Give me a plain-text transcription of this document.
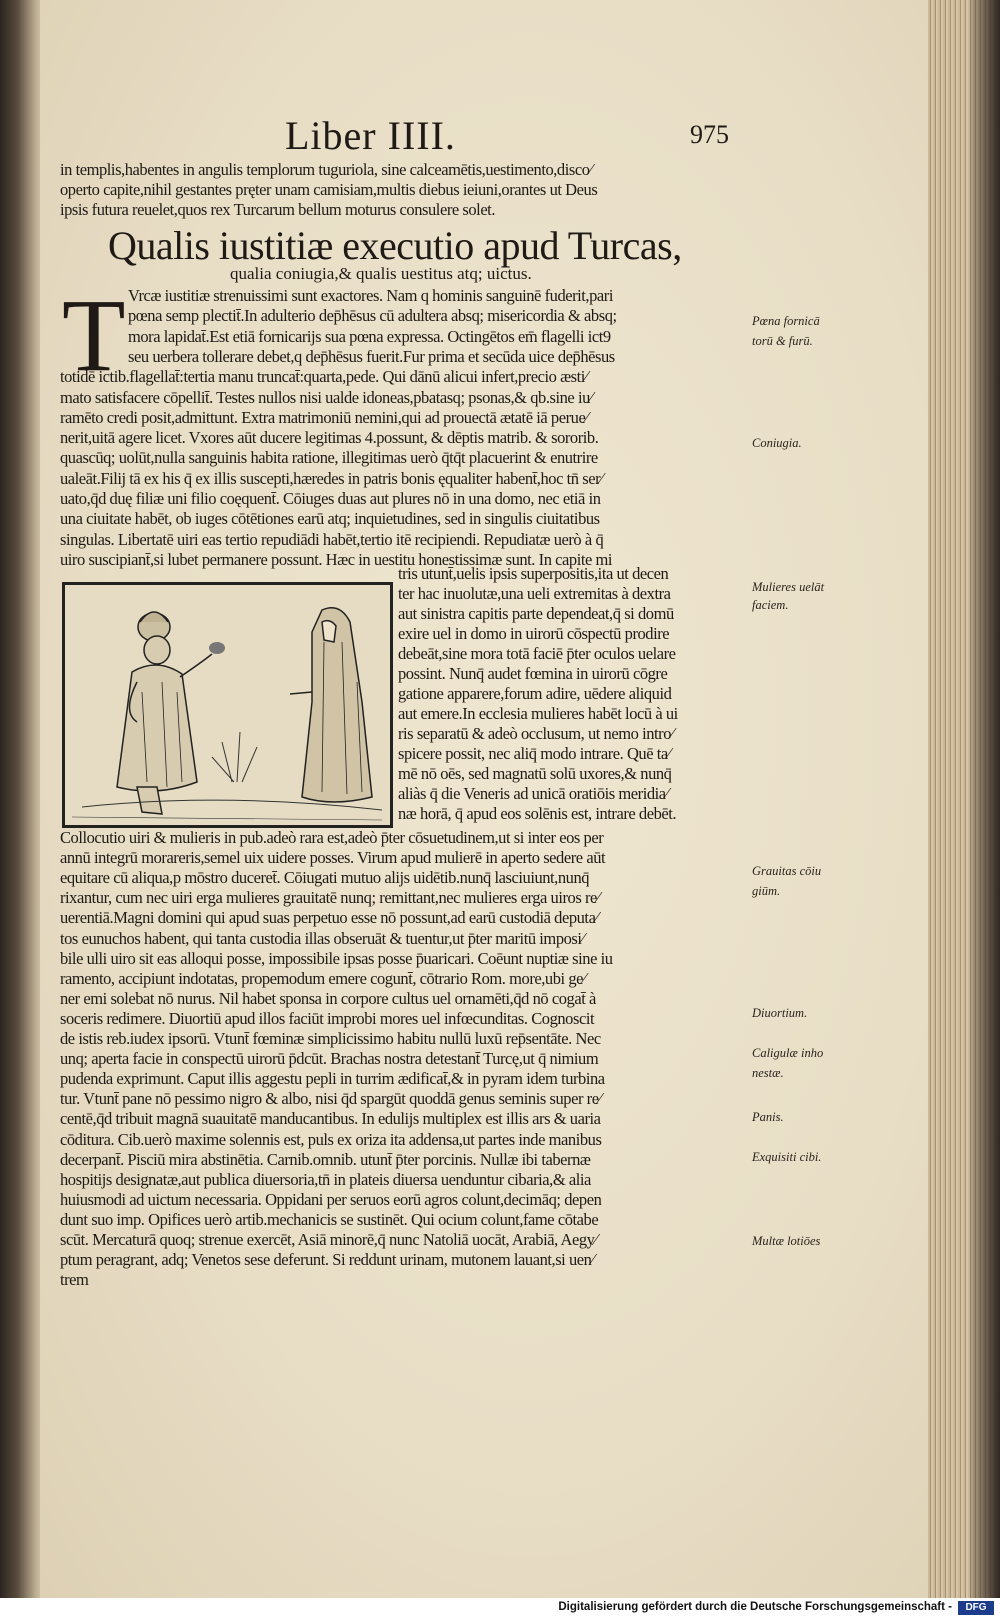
Liber IIII.	975
in templis,habentes in angulis templorum tuguriola, sine calceamētis,uestimento,disco⁄
operto capite,nihil gestantes pręter unam camisiam,multis diebus ieiuni,orantes ut Deus
ipsis futura reuelet,quos rex Turcarum bellum moturus consulere solet.
Qualis iustitiæ executio apud Turcas,
qualia coniugia,& qualis uestitus atq; uictus.
T Vrcæ iustitiæ strenuissimi sunt exactores. Nam q hominis sanguinē fuderit,pari
pœna semp plectit̄.In adulterio dep̄hēsus cū adultera absq; misericordia & absq;
mora lapidat̄.Est etiā fornicarijs sua pœna expressa. Octingētos em̄ flagelli ict9
seu uerbera tollerare debet,q dep̄hēsus fuerit.Fur prima et secūda uice dep̄hēsus
totidē ictib.flagellat̄:tertia manu truncat̄:quarta,pede. Qui dānū alicui infert,precio æsti⁄
mato satisfacere cōpellit̄. Testes nullos nisi ualde idoneas,pbatasq; psonas,& qb.sine iu⁄
ramēto credi posit,admittunt. Extra matrimoniū nemini,qui ad prouectā ætatē iā perue⁄
nerit,uitā agere licet. Vxores aūt ducere legitimas 4.possunt, & dēptis matrib. & sororib.
quascūq; uolūt,nulla sanguinis habita ratione, illegitimas uerò q̄tq̄t placuerint & enutrire
ualeāt.Filij tā ex his q̄ ex illis suscepti,hæredes in patris bonis ęqualiter habent̄,hoc tn̄ ser⁄
uato,q̄d duę filiæ uni filio coęquent̄. Cōiuges duas aut plures nō in una domo, nec etiā in
una ciuitate habēt, ob iuges cōtētiones earū atq; inquietudines, sed in singulis ciuitatibus
singulas. Libertatē uiri eas tertio repudiādi habēt,tertio itē recipiendi. Repudiatæ uerò à q̄
uiro suscipiant̄,si lubet permanere possunt. Hæc in uestitu honestissimæ sunt. In capite mi
tris utunt̄,uelis ipsis superpositis,ita ut decen
ter hac inuolutæ,una ueli extremitas à dextra
aut sinistra capitis parte dependeat,q̄ si domū
exire uel in domo in uirorū cōspectū prodire
debeāt,sine mora totā faciē p̄ter oculos uelare
possint. Nunq̄ audet fœmina in uirorū cōgre
gatione apparere,forum adire, uēdere aliquid
aut emere.In ecclesia mulieres habēt locū à ui
ris separatū & adeò occlusum, ut nemo intro⁄
spicere possit, nec aliq̄ modo intrare. Quē ta⁄
mē nō oēs, sed magnatū solū uxores,& nunq̄
aliàs q̄ die Veneris ad unicā oratiōis meridia⁄
næ horā, q̄ apud eos solēnis est, intrare debēt.
Collocutio uiri & mulieris in pub.adeò rara est,adeò p̄ter cōsuetudinem,ut si inter eos per
annū integrū morareris,semel uix uidere posses. Virum apud mulierē in aperto sedere aūt
equitare cū aliqua,p mōstro duceret̄. Cōiugati mutuo alijs uidētib.nunq̄ lasciuiunt,nunq̄
rixantur, cum nec uiri erga mulieres grauitatē nunq; remittant,nec mulieres erga uiros re⁄
uerentiā.Magni domini qui apud suas perpetuo esse nō possunt,ad earū custodiā deputa⁄
tos eunuchos habent, qui tanta custodia illas obseruāt & tuentur,ut p̄ter maritū imposi⁄
bile ulli uiro sit eas alloqui posse, impossibile ipsas posse p̄uaricari. Coēunt nuptiæ sine iu
ramento, accipiunt indotatas, propemodum emere cogunt̄, cōtrario Rom. more,ubi ge⁄
ner emi solebat nō nurus. Nil habet sponsa in corpore cultus uel ornamēti,q̄d nō cogat̄ à
soceris redimere. Diuortiū apud illos faciūt improbi mores uel infœcunditas. Cognoscit
de istis reb.iudex ipsorū. Vtunt̄ fœminæ simplicissimo habitu nullū luxū rep̄sentāte. Nec
unq; aperta facie in conspectū uirorū p̄dcūt. Brachas nostra detestant̄ Turcę,ut q̄ nimium
pudenda exprimunt. Caput illis aggestu pepli in turrim ædificat̄,& in pyram idem turbina
tur. Vtunt̄ pane nō pessimo nigro & albo, nisi q̄d spargūt quoddā genus seminis super re⁄
centē,q̄d tribuit magnā suauitatē manducantibus. In edulijs multiplex est illis ars & uaria
cōditura. Cib.uerò maxime solennis est, puls ex oriza ita addensa,ut partes inde manibus
decerpant̄. Pisciū mira abstinētia. Carnib.omnib. utunt̄ p̄ter porcinis. Nullæ ibi tabernæ
hospitijs designatæ,aut publica diuersoria,tn̄ in plateis diuersa uenduntur cibaria,& alia
huiusmodi ad uictum necessaria. Oppidani per seruos eorū agros colunt,decimāq; depen
dunt suo imp. Opifices uerò artib.mechanicis se sustinēt. Qui ocium colunt,fame cōtabe
scūt. Mercaturā quoq; strenue exercēt, Asiā minorē,q̄ nunc Natoliā uocāt, Arabiā, Aegy⁄
ptum peragrant, adq; Venetos sese deferunt. Si reddunt urinam, mutonem lauant,si uen⁄
trem
Pœna fornicā
torū & furū.
Coniugia.
Mulieres uelāt
faciem.
Grauitas cōiu
giūm.
Diuortium.
Caligulæ inho
nestæ.
Panis.
Exquisiti cibi.
Multæ lotiōes
Digitalisierung gefördert durch die Deutsche Forschungsgemeinschaft -	DFG
